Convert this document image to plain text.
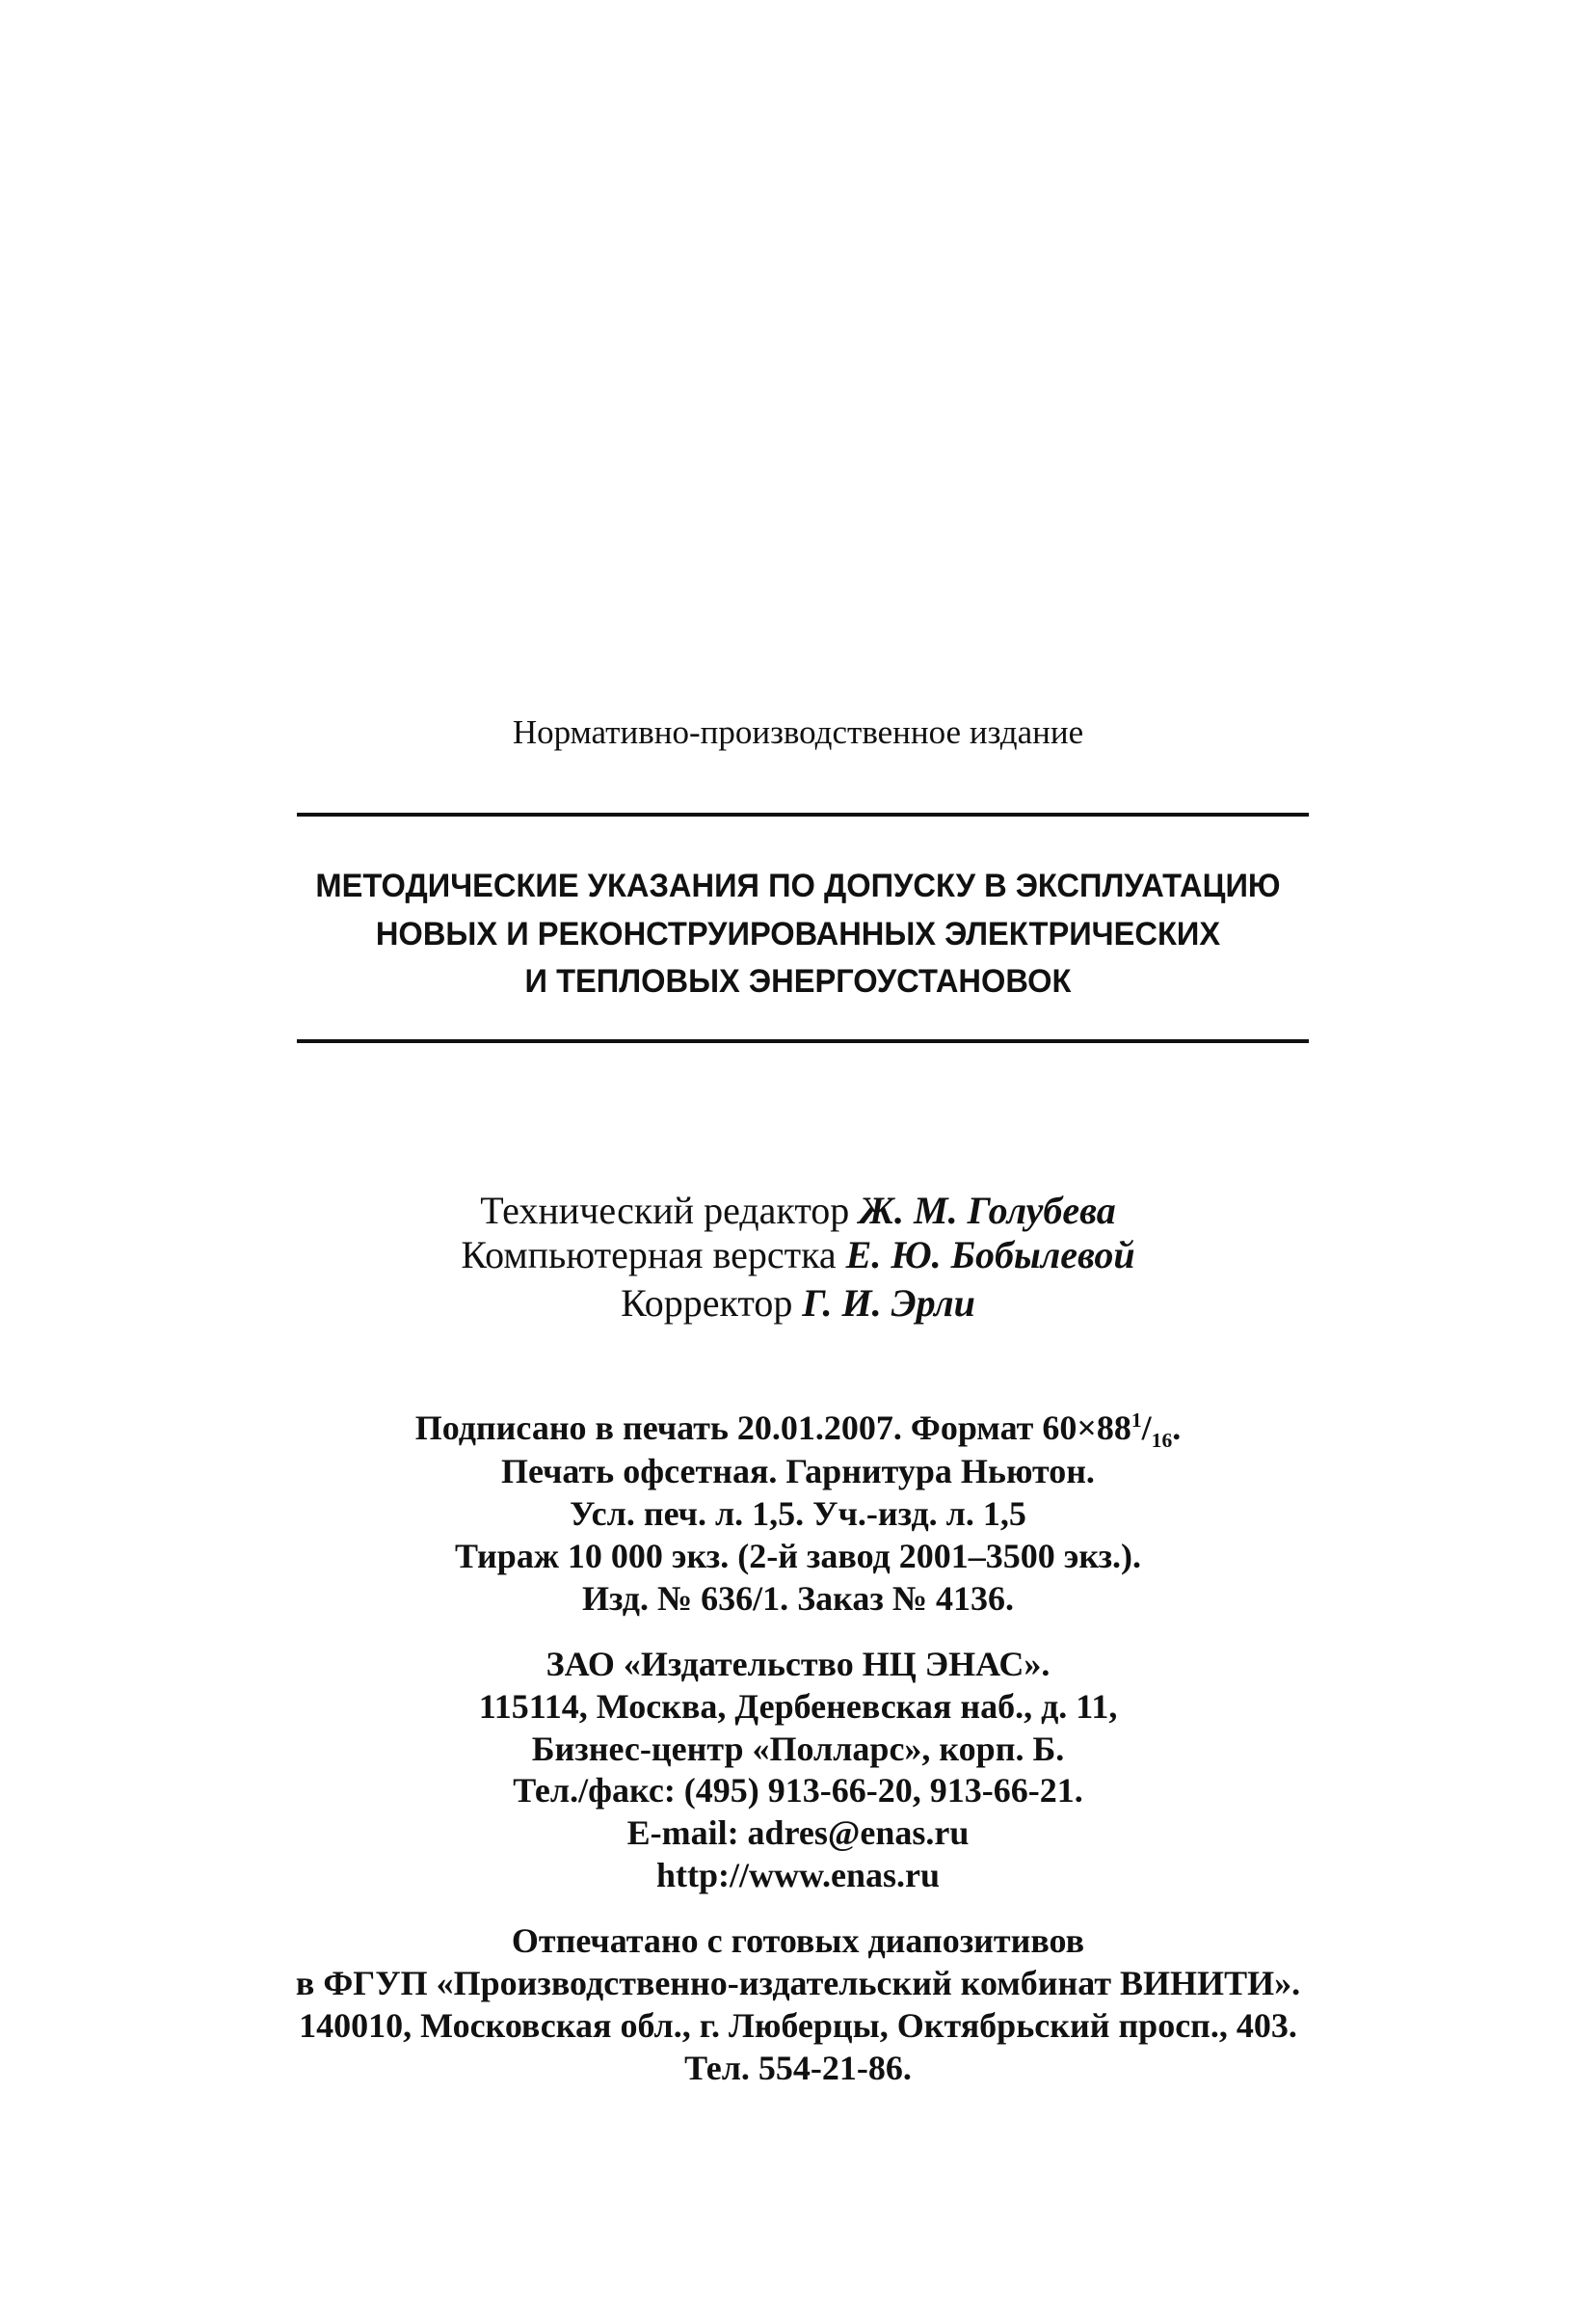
Нормативно-производственное издание
МЕТОДИЧЕСКИЕ УКАЗАНИЯ ПО ДОПУСКУ В ЭКСПЛУАТАЦИЮ
НОВЫХ И РЕКОНСТРУИРОВАННЫХ ЭЛЕКТРИЧЕСКИХ
И ТЕПЛОВЫХ ЭНЕРГОУСТАНОВОК
Технический редактор Ж. М. Голубева
Компьютерная верстка Е. Ю. Бобылевой
Корректор Г. И. Эрли
Подписано в печать 20.01.2007. Формат $60\times 88^1/_{16}$.
Печать офсетная. Гарнитура Ньютон.
Усл. печ. л. 1,5. Уч.-изд. л. 1,5
Тираж 10 000 экз. (2-й завод 2001–3500 экз.).
Изд. № 636/1. Заказ № 4136.
ЗАО «Издательство НЦ ЭНАС».
115114, Москва, Дербеневская наб., д. 11,
Бизнес-центр «Полларс», корп. Б.
Тел./факс: (495) 913-66-20, 913-66-21.
E-mail: adres@enas.ru
http://www.enas.ru
Отпечатано с готовых диапозитивов
в ФГУП «Производственно-издательский комбинат ВИНИТИ».
140010, Московская обл., г. Люберцы, Октябрьский просп., 403.
Тел. 554-21-86.
